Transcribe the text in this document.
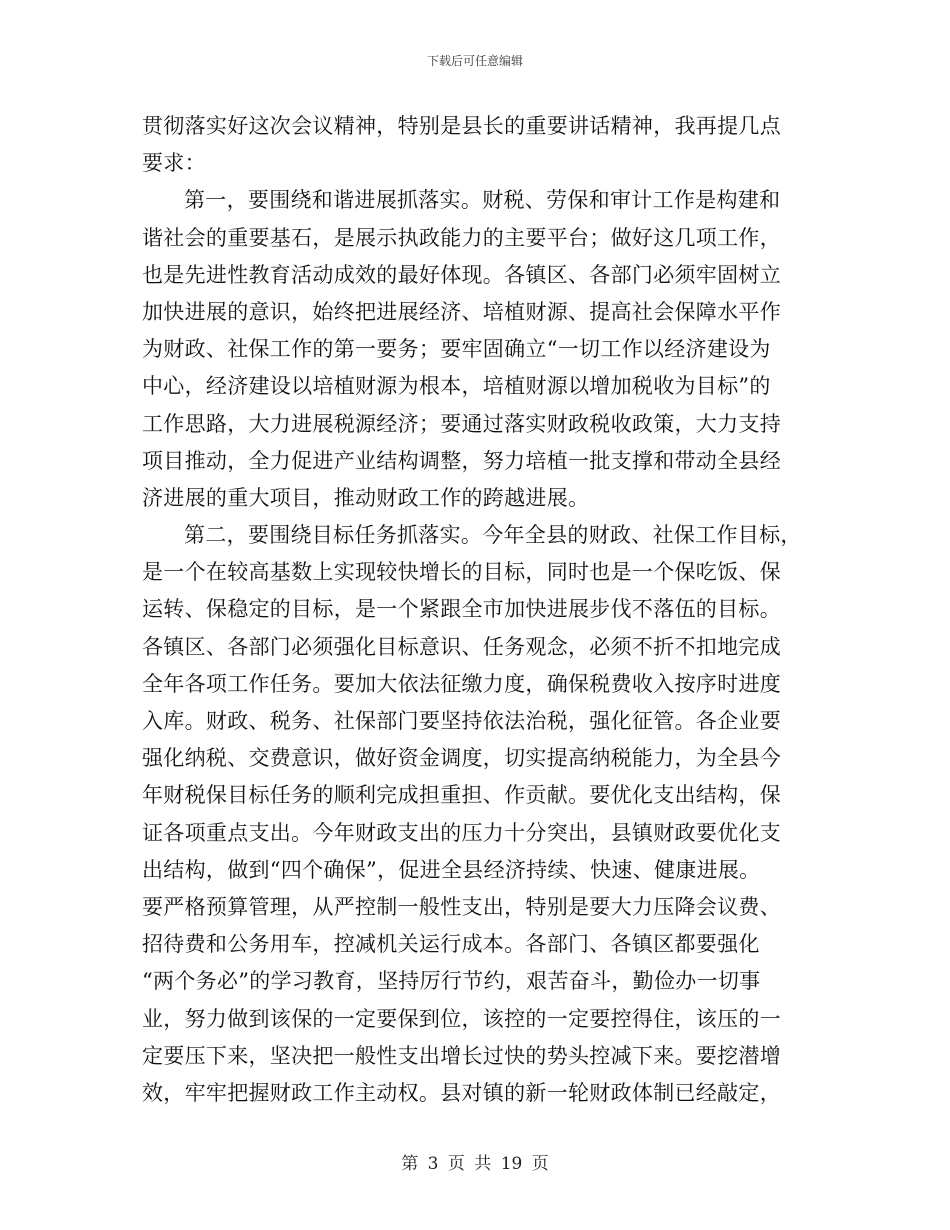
下载后可任意编辑
贯彻落实好这次会议精神，特别是县长的重要讲话精神，我再提几点
要求：
第一，要围绕和谐进展抓落实。财税、劳保和审计工作是构建和
谐社会的重要基石，是展示执政能力的主要平台；做好这几项工作，
也是先进性教育活动成效的最好体现。各镇区、各部门必须牢固树立
加快进展的意识，始终把进展经济、培植财源、提高社会保障水平作
为财政、社保工作的第一要务；要牢固确立“一切工作以经济建设为
中心，经济建设以培植财源为根本，培植财源以增加税收为目标”的
工作思路，大力进展税源经济；要通过落实财政税收政策，大力支持
项目推动，全力促进产业结构调整，努力培植一批支撑和带动全县经
济进展的重大项目，推动财政工作的跨越进展。
第二，要围绕目标任务抓落实。今年全县的财政、社保工作目标，
是一个在较高基数上实现较快增长的目标，同时也是一个保吃饭、保
运转、保稳定的目标，是一个紧跟全市加快进展步伐不落伍的目标。
各镇区、各部门必须强化目标意识、任务观念，必须不折不扣地完成
全年各项工作任务。要加大依法征缴力度，确保税费收入按序时进度
入库。财政、税务、社保部门要坚持依法治税，强化征管。各企业要
强化纳税、交费意识，做好资金调度，切实提高纳税能力，为全县今
年财税保目标任务的顺利完成担重担、作贡献。要优化支出结构，保
证各项重点支出。今年财政支出的压力十分突出，县镇财政要优化支
出结构，做到“四个确保”，促进全县经济持续、快速、健康进展。
要严格预算管理，从严控制一般性支出，特别是要大力压降会议费、
招待费和公务用车，控减机关运行成本。各部门、各镇区都要强化
“两个务必”的学习教育，坚持厉行节约，艰苦奋斗，勤俭办一切事
业，努力做到该保的一定要保到位，该控的一定要控得住，该压的一
定要压下来，坚决把一般性支出增长过快的势头控减下来。要挖潜增
效，牢牢把握财政工作主动权。县对镇的新一轮财政体制已经敲定，
第 3 页 共 19 页
